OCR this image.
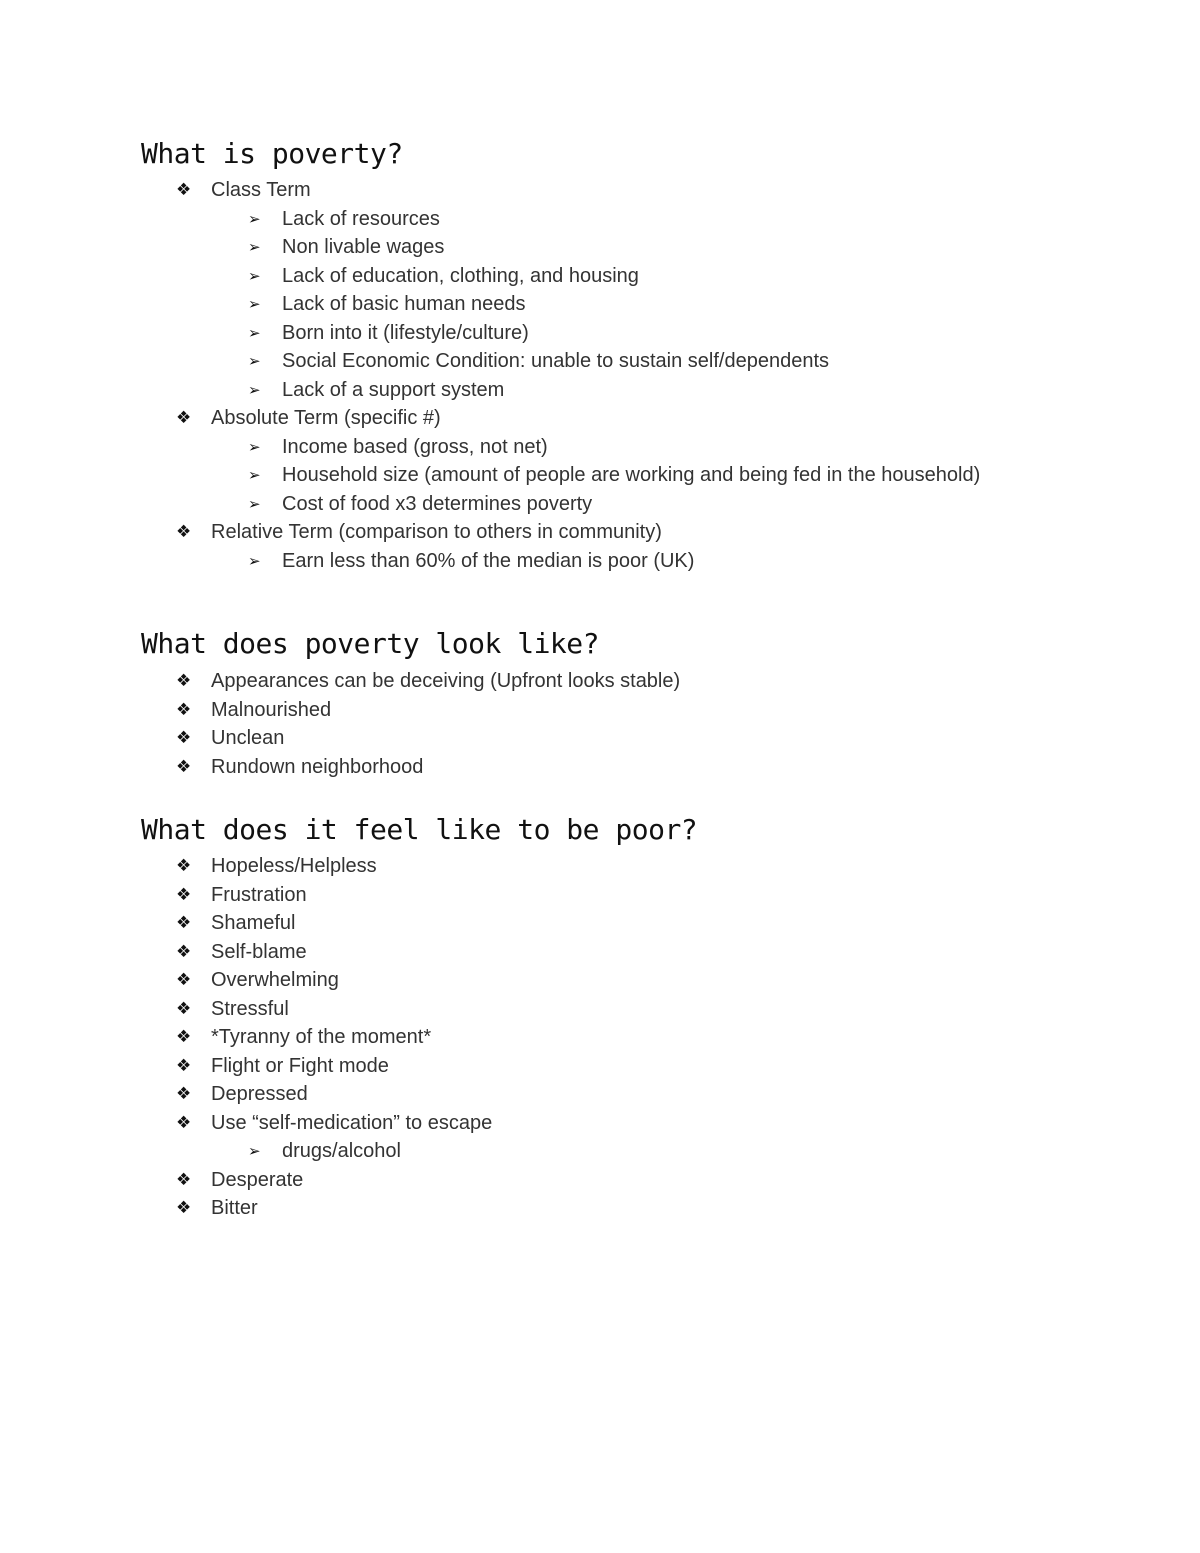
What is poverty?
❖ Class Term
➢ Lack of resources
➢ Non livable wages
➢ Lack of education, clothing, and housing
➢ Lack of basic human needs
➢ Born into it (lifestyle/culture)
➢ Social Economic Condition: unable to sustain self/dependents
➢ Lack of a support system
❖ Absolute Term (specific #)
➢ Income based (gross, not net)
➢ Household size (amount of people are working and being fed in the household)
➢ Cost of food x3 determines poverty
❖ Relative Term (comparison to others in community)
➢ Earn less than 60% of the median is poor (UK)
What does poverty look like?
❖ Appearances can be deceiving (Upfront looks stable)
❖ Malnourished
❖ Unclean
❖ Rundown neighborhood
What does it feel like to be poor?
❖ Hopeless/Helpless
❖ Frustration
❖ Shameful
❖ Self-blame
❖ Overwhelming
❖ Stressful
❖ *Tyranny of the moment*
❖ Flight or Fight mode
❖ Depressed
❖ Use “self-medication” to escape
➢ drugs/alcohol
❖ Desperate
❖ Bitter
